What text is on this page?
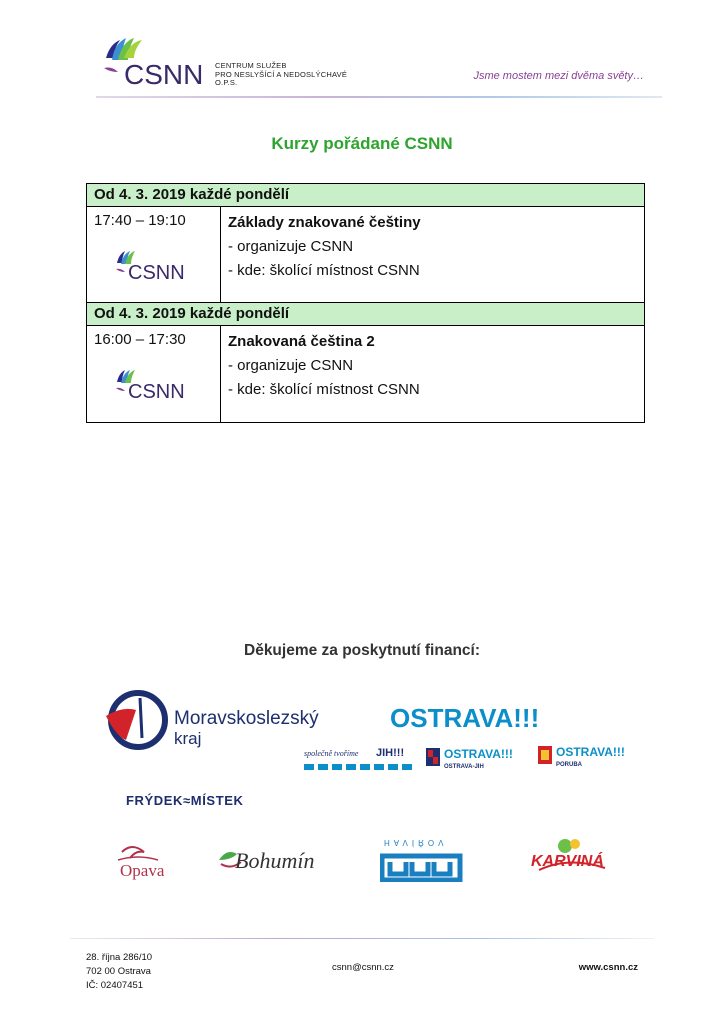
CSNN CENTRUM SLUŽEB
PRO NESLYŠÍCÍ A NEDOSLÝCHAVÉ
O.P.S.
Jsme mostem mezi dvěma světy…
Kurzy pořádané CSNN
Od 4. 3. 2019 každé pondělí
17:40 – 19:10
CSNN
Základy znakované češtiny
- organizuje CSNN
- kde: školící místnost CSNN
Od 4. 3. 2019 každé pondělí
16:00 – 17:30
CSNN
Znakovaná čeština 2
- organizuje CSNN
- kde: školící místnost CSNN
Děkujeme za poskytnutí financí:
Moravskoslezský
kraj
OSTRAVA!!!
společně tvoříme JIH!!!	OSTRAVA!!!
OSTRAVA-JIH
OSTRAVA!!!
PORUBA
FRÝDEK≈MÍSTEK
Opava	Bohumín
HAVÍŘOV
KARVINÁ
28. října 286/10
702 00 Ostrava
IČ: 02407451
csnn@csnn.cz	www.csnn.cz
